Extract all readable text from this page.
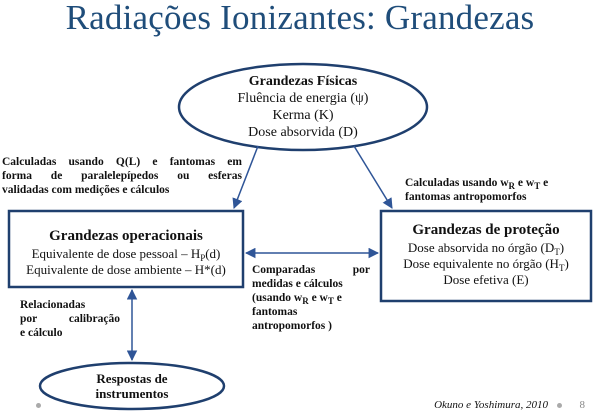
Radiações Ionizantes: Grandezas
Grandezas Físicas
Fluência de energia (ψ)
Kerma (K)
Dose absorvida (D)
Grandezas operacionais
Equivalente de dose pessoal – $H_P(d)$
Equivalente de dose ambiente – H*(d)
Grandezas de proteção
Dose absorvida no órgão $(D_T)$
Dose equivalente no órgão $(H_T)$
Dose efetiva (E)
Respostas de
instrumentos
Calculadas usando Q(L) e fantomas em
forma de paralelepípedos ou esferas
validadas com medições e cálculos
Calculadas usando $w_R$ e $w_T$ e
fantomas antropomorfos
Comparadas por
medidas e cálculos
(usando $w_R$ e $w_T$ e
fantomas
antropomorfos )
Relacionadas
por calibração
e cálculo
Okuno e Yoshimura, 2010	8
